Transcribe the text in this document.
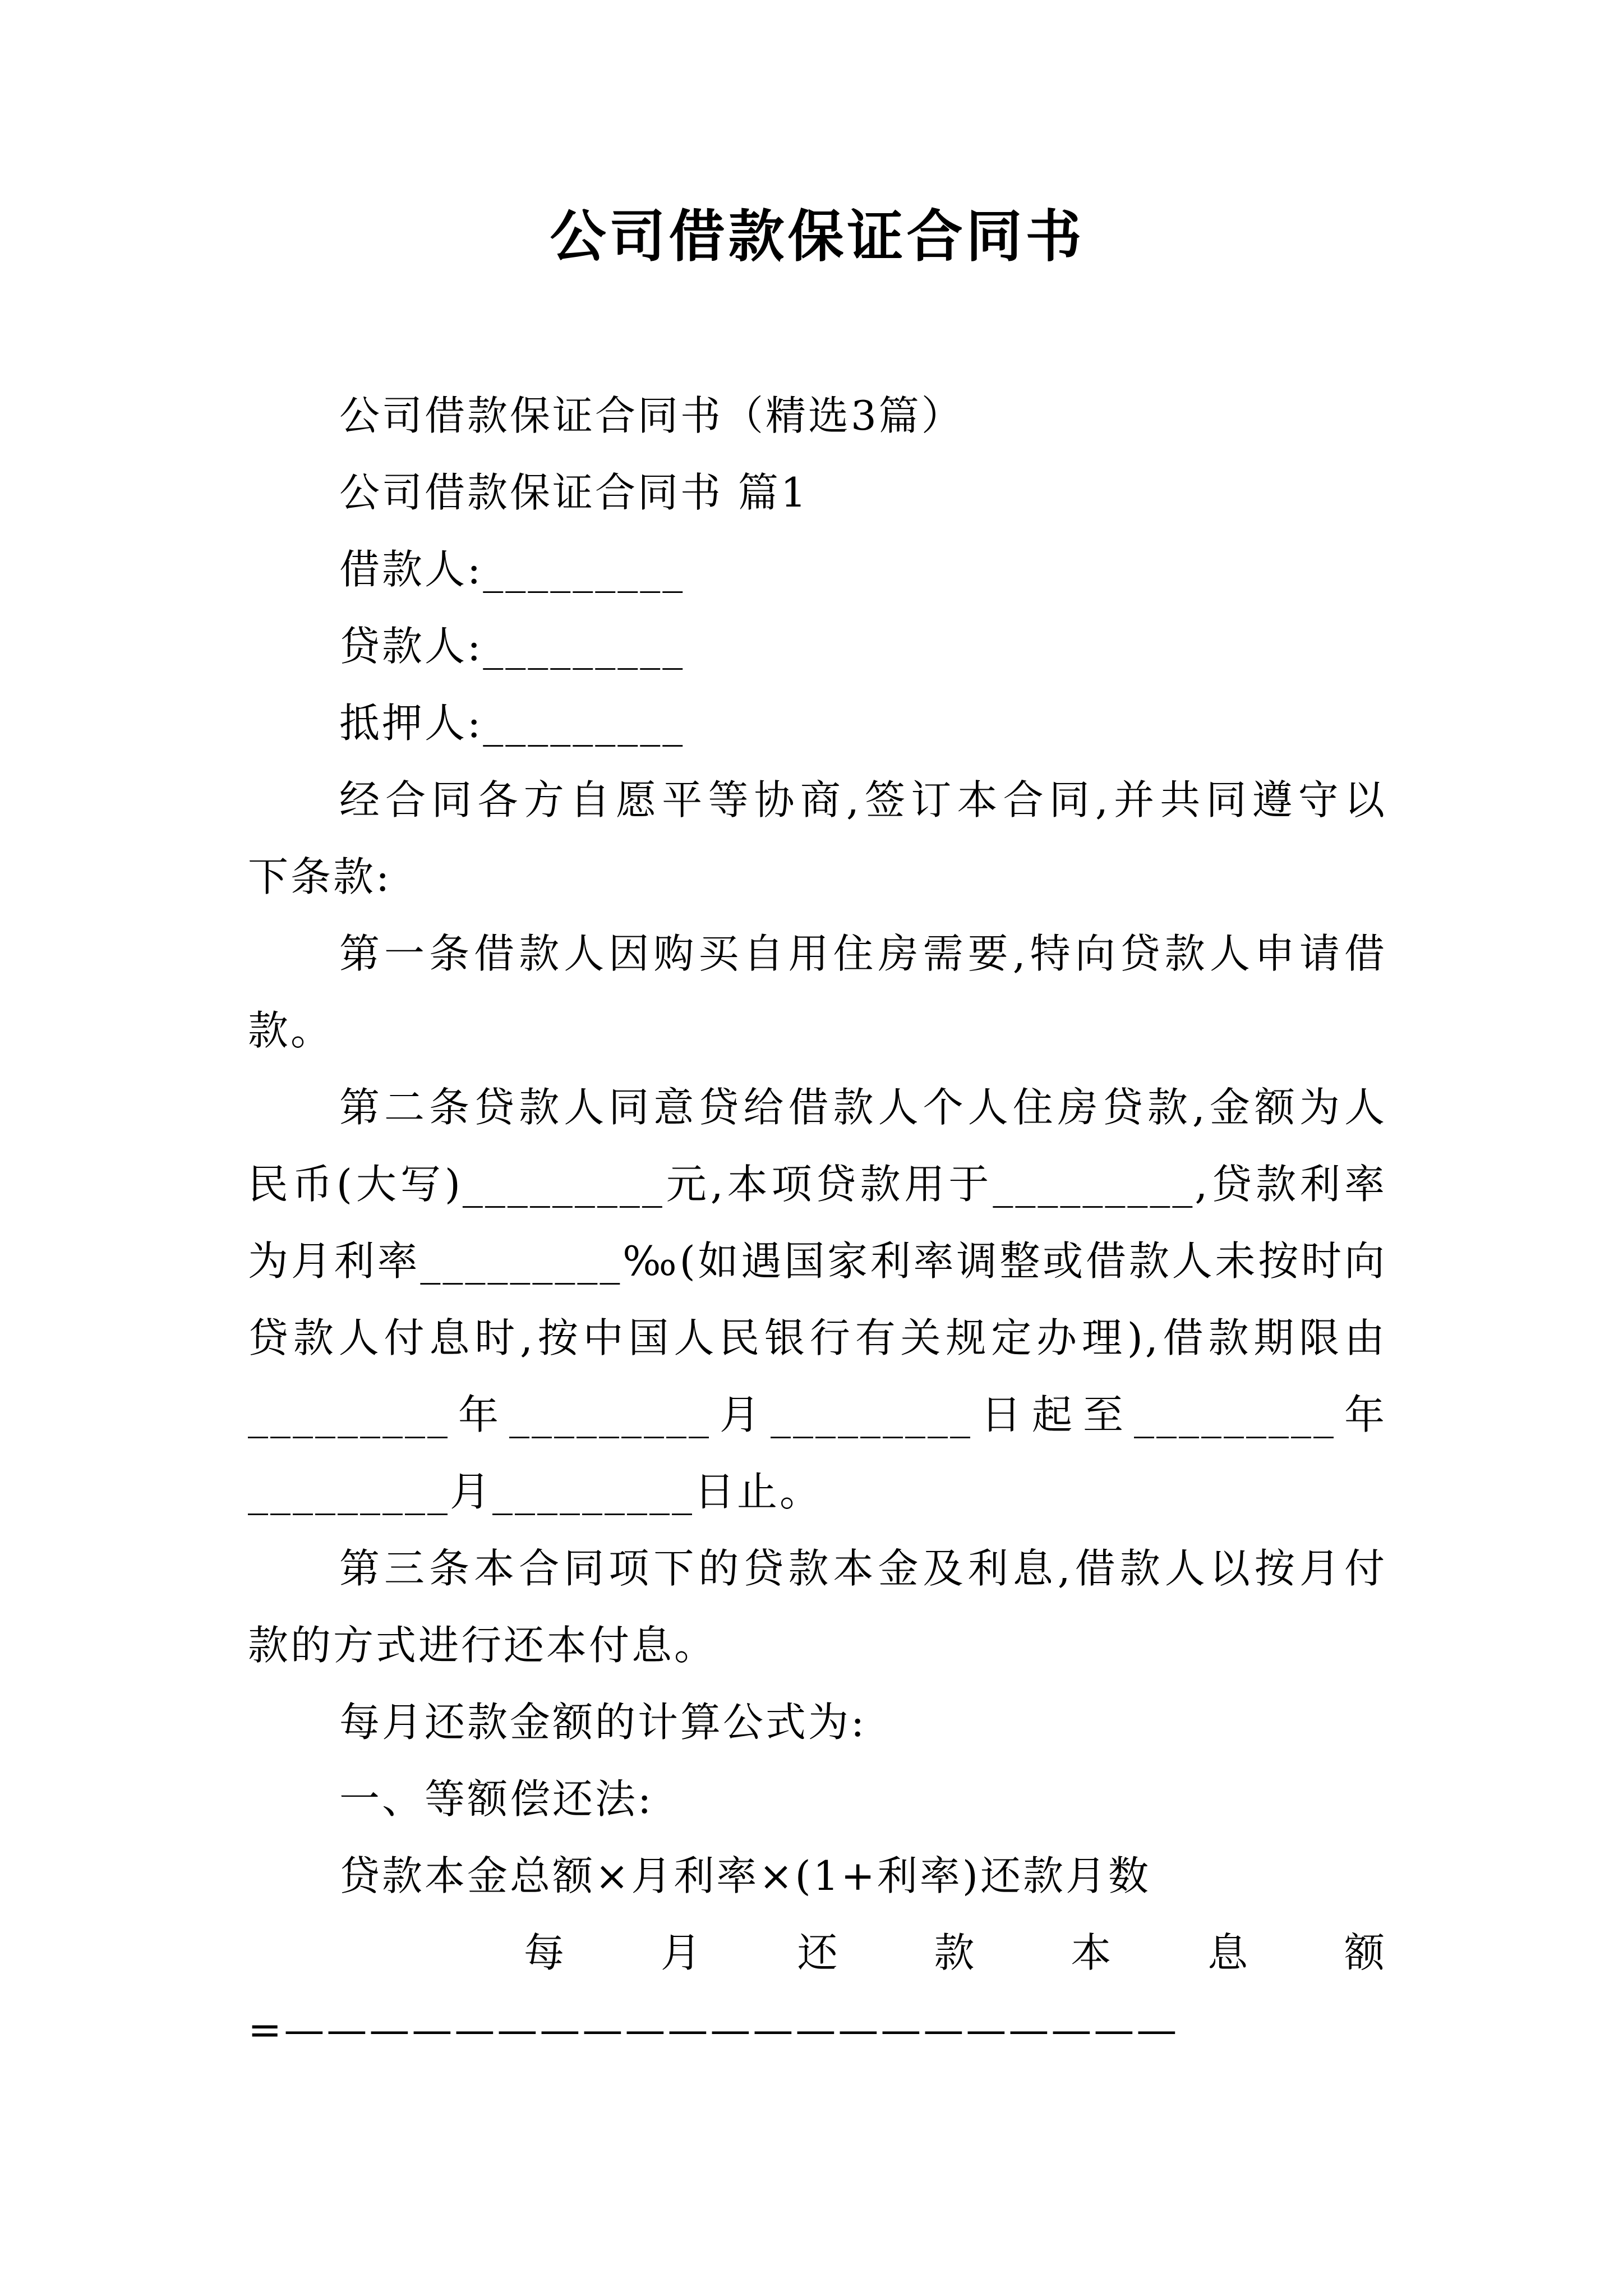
公司借款保证合同书
公司借款保证合同书（精选3篇）
公司借款保证合同书 篇1
借款人:_________
贷款人:_________
抵押人:_________
经合同各方自愿平等协商,签订本合同,并共同遵守以
下条款:
第一条借款人因购买自用住房需要,特向贷款人申请借
款。
第二条贷款人同意贷给借款人个人住房贷款,金额为人
民币(大写)_________元,本项贷款用于_________,贷款利率
为月利率_________‰(如遇国家利率调整或借款人未按时向
贷款人付息时,按中国人民银行有关规定办理),借款期限由
_________年_________月_________日起至_________年
_________月_________日止。
第三条本合同项下的贷款本金及利息,借款人以按月付
款的方式进行还本付息。
每月还款金额的计算公式为:
一、等额偿还法:
贷款本金总额×月利率×(1+利率)还款月数
每月还款本息额
=—————————————————————
